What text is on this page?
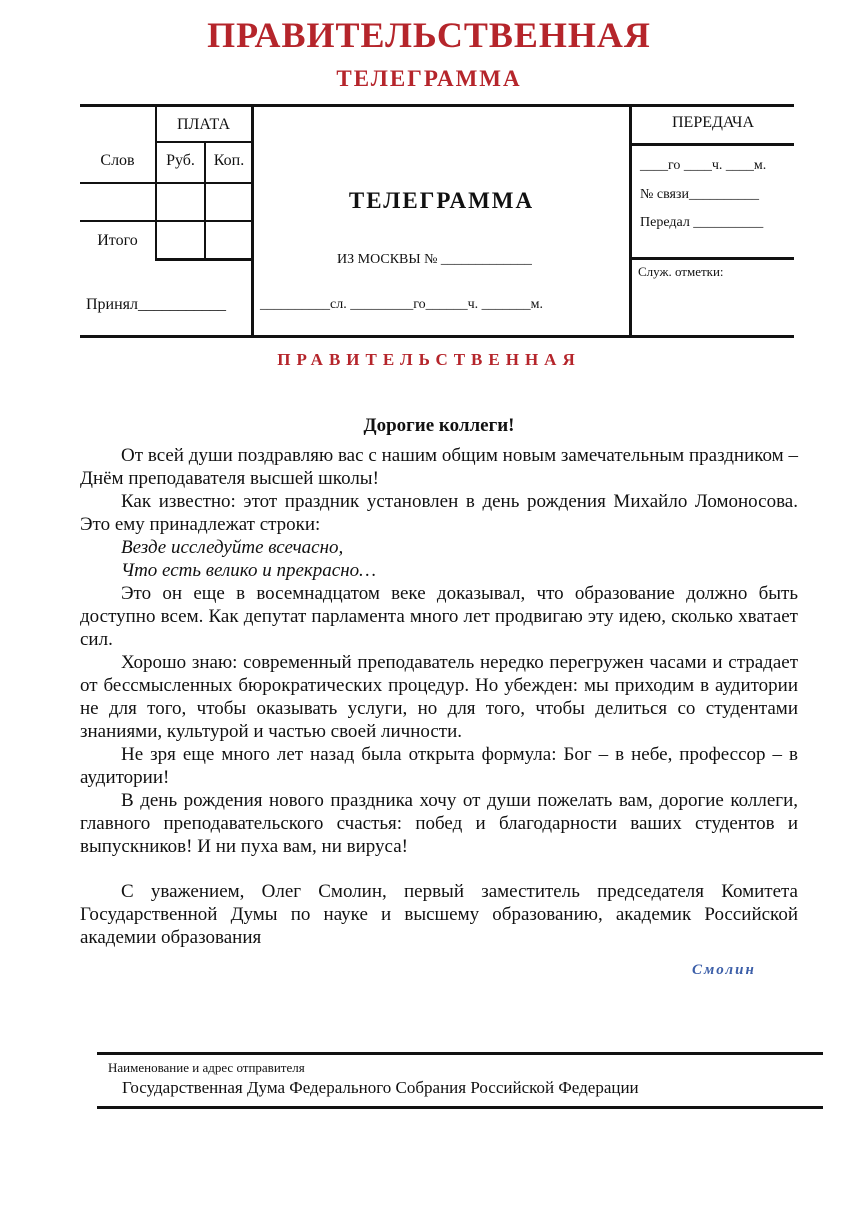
ПРАВИТЕЛЬСТВЕННАЯ
ТЕЛЕГРАММА
ПЛАТА
Слов	Руб.	Коп.
Итого
Принял___________
ТЕЛЕГРАММА
ИЗ МОСКВЫ № _____________
__________сл. _________го______ч. _______м.
ПЕРЕДАЧА
____го ____ч. ____м.
№ связи__________
Передал __________
Служ. отметки:
ПРАВИТЕЛЬСТВЕННАЯ

Дорогие коллеги!

От всей души поздравляю вас с нашим общим новым замечательным праздником – Днём преподавателя высшей школы!

Как известно: этот праздник установлен в день рождения Михайло Ломоносова. Это ему принадлежат строки:

Везде исследуйте всечасно,

Что есть велико и прекрасно…

Это он еще в восемнадцатом веке доказывал, что образование должно быть доступно всем. Как депутат парламента много лет продвигаю эту идею, сколько хватает сил.

Хорошо знаю: современный преподаватель нередко перегружен часами и страдает от бессмысленных бюрократических процедур. Но убежден: мы приходим в аудитории не для того, чтобы оказывать услуги, но для того, чтобы делиться со студентами знаниями, культурой и частью своей личности.

Не зря еще много лет назад была открыта формула: Бог – в небе, профессор – в аудитории!

В день рождения нового праздника хочу от души пожелать вам, дорогие коллеги, главного преподавательского счастья: побед и благодарности ваших студентов и выпускников! И ни пуха вам, ни вируса!

С уважением, Олег Смолин, первый заместитель председателя Комитета Государственной Думы по науке и высшему образованию, академик Российской академии образования

Смолин
Наименование и адрес отправителя
Государственная Дума Федерального Собрания Российской Федерации
